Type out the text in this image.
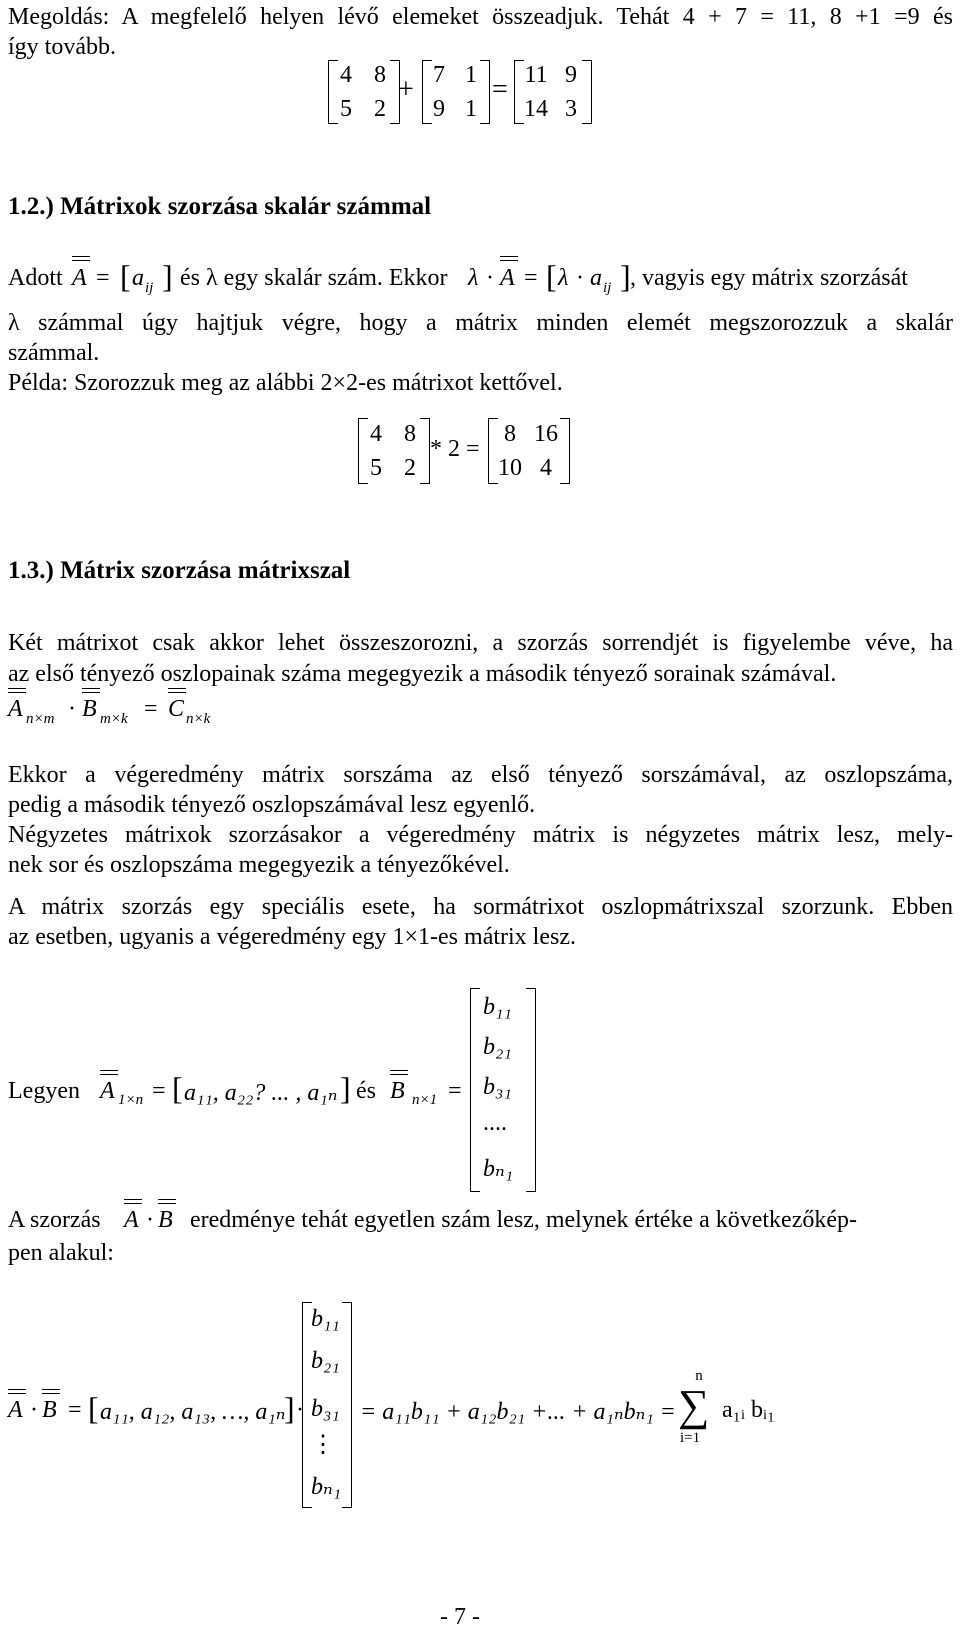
Megoldás: A megfelelő helyen lévő elemeket összeadjuk. Tehát 4 + 7 = 11, 8 +1 =9 és
így tovább.
4 8
5 2
+ 7 1
9 1
= 11 9
14 3
1.2.) Mátrixok szorzása skalár számmal
Adott A = [ a ij ] és λ egy skalár szám. Ekkor λ · A = [ λ · a ij ] , vagyis egy mátrix szorzását
λ számmal úgy hajtjuk végre, hogy a mátrix minden elemét megszorozzuk a skalár
számmal.
Példa: Szorozzuk meg az alábbi 2×2-es mátrixot kettővel.
4 8
5 2
* 2 =
8 16
10 4
1.3.) Mátrix szorzása mátrixszal
Két mátrixot csak akkor lehet összeszorozni, a szorzás sorrendjét is figyelembe véve, ha
az első tényező oszlopainak száma megegyezik a második tényező sorainak számával.
A n×m · B m×k = C n×k
Ekkor a végeredmény mátrix sorszáma az első tényező sorszámával, az oszlopszáma,
pedig a második tényező oszlopszámával lesz egyenlő.
Négyzetes mátrixok szorzásakor a végeredmény mátrix is négyzetes mátrix lesz, mely-
nek sor és oszlopszáma megegyezik a tényezőkével.
A mátrix szorzás egy speciális esete, ha sormátrixot oszlopmátrixszal szorzunk. Ebben
az esetben, ugyanis a végeredmény egy 1×1-es mátrix lesz.
Legyen A 1×n = [ a₁₁, a₂₂? ... , a₁ₙ ] és B n×1 =
b₁₁
b₂₁
b₃₁
....
bₙ₁
A szorzás A · B eredménye tehát egyetlen szám lesz, melynek értéke a következőkép-
pen alakul:
A · B = [ a₁₁, a₁₂, a₁₃, …, a₁ₙ
] ·
b₁₁
b₂₁
b₃₁
⋮
bₙ₁
= a₁₁b₁₁ + a₁₂b₂₁ +... + a₁ₙbₙ₁ =
n
∑
i=1
a₁ᵢ bᵢ₁
- 7 -
